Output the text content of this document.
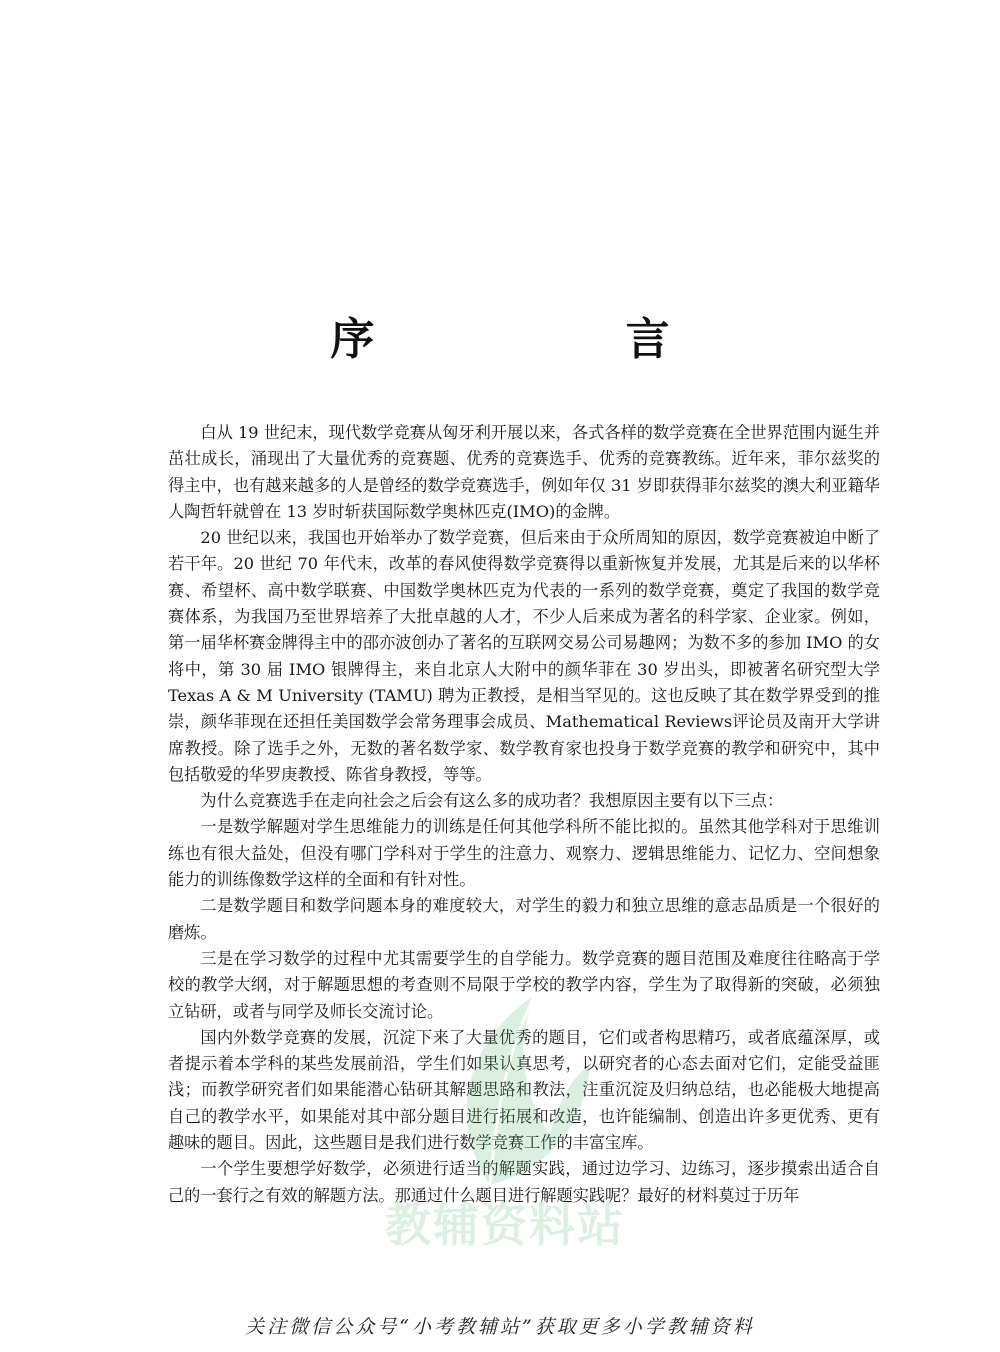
序 言

白从 19 世纪末，现代数学竞赛从匈牙利开展以来，各式各样的数学竞赛在全世界范围内诞生并茁壮成长，涌现出了大量优秀的竞赛题、优秀的竞赛选手、优秀的竞赛教练。近年来，菲尔兹奖的得主中，也有越来越多的人是曾经的数学竞赛选手，例如年仅 31 岁即获得菲尔兹奖的澳大利亚籍华人陶哲轩就曾在 13 岁时斩获国际数学奥林匹克(IMO)的金牌。

20 世纪以来，我国也开始举办了数学竞赛，但后来由于众所周知的原因，数学竞赛被迫中断了若干年。20 世纪 70 年代末，改革的春风使得数学竞赛得以重新恢复并发展，尤其是后来的以华杯赛、希望杯、高中数学联赛、中国数学奥林匹克为代表的一系列的数学竞赛，奠定了我国的数学竞赛体系，为我国乃至世界培养了大批卓越的人才，不少人后来成为著名的科学家、企业家。例如，第一届华杯赛金牌得主中的邵亦波创办了著名的互联网交易公司易趣网；为数不多的参加 IMO 的女将中，第 30 届 IMO 银牌得主，来自北京人大附中的颜华菲在 30 岁出头，即被著名研究型大学 Texas A & M University (TAMU) 聘为正教授，是相当罕见的。这也反映了其在数学界受到的推崇，颜华菲现在还担任美国数学会常务理事会成员、Mathematical Reviews评论员及南开大学讲席教授。除了选手之外，无数的著名数学家、数学教育家也投身于数学竞赛的教学和研究中，其中包括敬爱的华罗庚教授、陈省身教授，等等。

为什么竞赛选手在走向社会之后会有这么多的成功者？我想原因主要有以下三点：

一是数学解题对学生思维能力的训练是任何其他学科所不能比拟的。虽然其他学科对于思维训练也有很大益处，但没有哪门学科对于学生的注意力、观察力、逻辑思维能力、记忆力、空间想象能力的训练像数学这样的全面和有针对性。

二是数学题目和数学问题本身的难度较大，对学生的毅力和独立思维的意志品质是一个很好的磨炼。

三是在学习数学的过程中尤其需要学生的自学能力。数学竞赛的题目范围及难度往往略高于学校的教学大纲，对于解题思想的考查则不局限于学校的教学内容，学生为了取得新的突破，必须独立钻研，或者与同学及师长交流讨论。

国内外数学竞赛的发展，沉淀下来了大量优秀的题目，它们或者构思精巧，或者底蕴深厚，或者提示着本学科的某些发展前沿，学生们如果认真思考，以研究者的心态去面对它们，定能受益匪浅；而教学研究者们如果能潜心钻研其解题思路和教法，注重沉淀及归纳总结，也必能极大地提高自己的教学水平，如果能对其中部分题目进行拓展和改造，也许能编制、创造出许多更优秀、更有趣味的题目。因此，这些题目是我们进行数学竞赛工作的丰富宝库。

一个学生要想学好数学，必须进行适当的解题实践，通过边学习、边练习，逐步摸索出适合自己的一套行之有效的解题方法。那通过什么题目进行解题实践呢？最好的材料莫过于历年

教辅资料站
关注微信公众号“小考教辅站”获取更多小学教辅资料
